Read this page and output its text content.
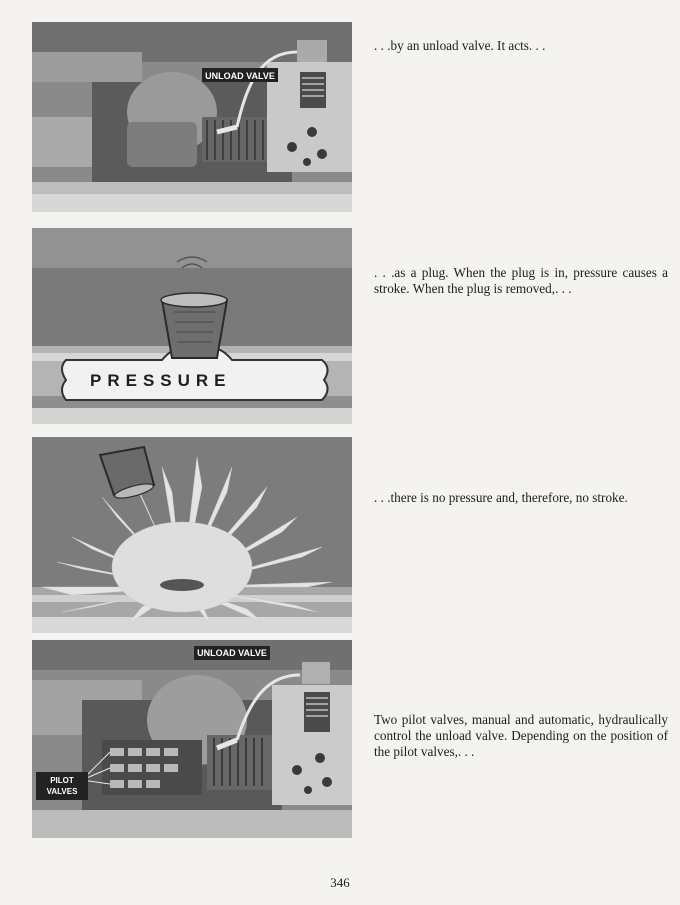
UNLOAD VALVE
PRESSURE
UNLOAD VALVE
PILOT VALVES
. . .by an unload valve. It acts. . .
. . .as a plug. When the plug is in, pressure causes a stroke. When the plug is removed,. . .
. . .there is no pressure and, therefore, no stroke.
Two pilot valves, manual and automatic, hydraulically control the unload valve. Depending on the position of the pilot valves,. . .
346
